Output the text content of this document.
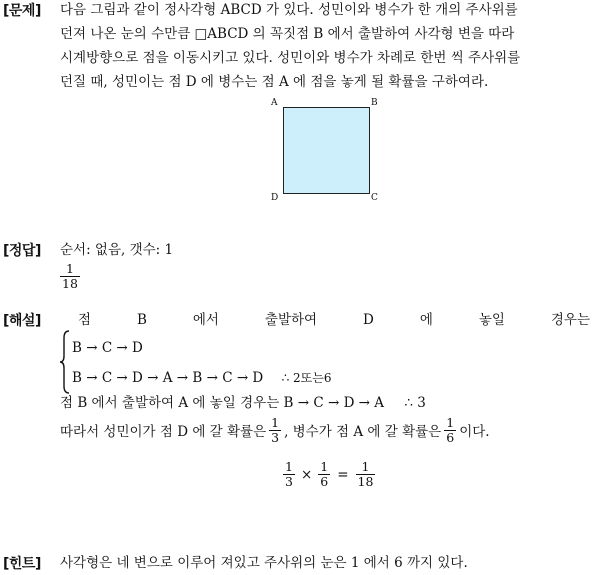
[문제] 다음 그림과 같이 정사각형 ABCD 가 있다. 성민이와 병수가 한 개의 주사위를
던져 나온 눈의 수만큼 □ABCD 의 꼭짓점 B 에서 출발하여 사각형 변을 따라
시계방향으로 점을 이동시키고 있다. 성민이와 병수가 차례로 한번 씩 주사위를
던질 때, 성민이는 점 D 에 병수는 점 A 에 점을 놓게 될 확률을 구하여라.
A	B
D	C
[정답] 순서: 없음, 갯수: 1
$\frac{1}{18}$
[해설]	점	B	에서	출발하여	D	에	놓일	경우는
B → C → D
B → C → D → A → B → C → D ∴ 2또는6
점 B 에서 출발하여 A 에 놓일 경우는 B → C → D → A ∴ 3
따라서 성민이가 점 D 에 갈 확률은 $\frac{1}{3}$ , 병수가 점 A 에 갈 확률은 $\frac{1}{6}$ 이다.
$\frac{1}{3} \times \frac{1}{6} = \frac{1}{18}$
[힌트] 사각형은 네 변으로 이루어 져있고 주사위의 눈은 1 에서 6 까지 있다.
